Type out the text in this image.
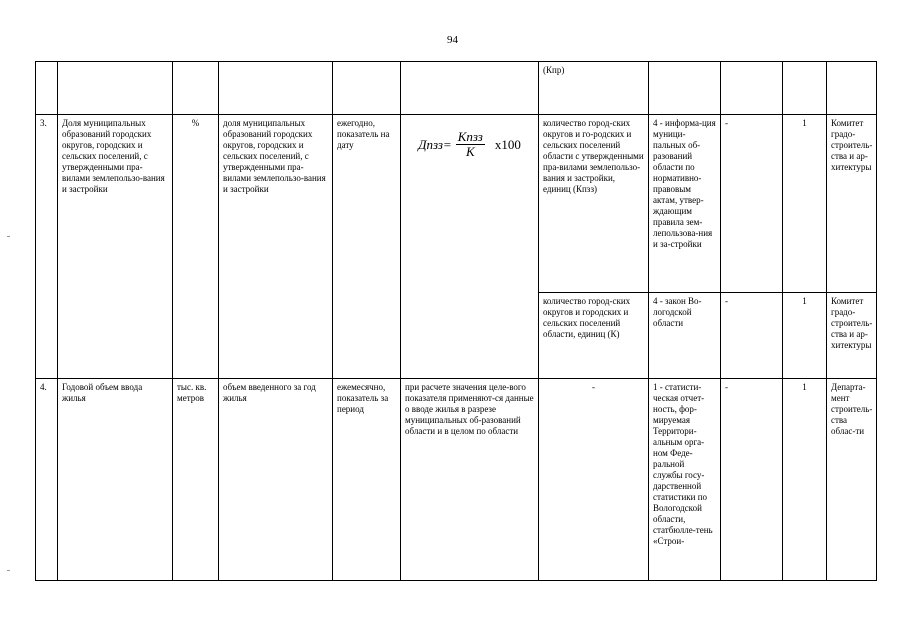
94
						(Кпр)				
3.	Доля муниципальных образований городских округов, городских и сельских поселений, с утвержденными пра-вилами землепользо-вания и застройки	%	доля муниципальных образований городских округов, городских и сельских поселений, с утвержденными пра-вилами землепользо-вания и застройки	ежегодно, показатель на дату	Дпзз= $\frac{\text{Кпзз}}{К} х100$	количество город-ских округов и го-родских и сельских поселений области с утвержденными пра-вилами землепользо-вания и застройки, единиц (Кпзз)	4 - информа-ция муници-пальных об-разований области по нормативно-правовым актам, утвер-ждающим правила зем-лепользова-ния и за-стройки	-	1	Комитет градо-строитель-ства и ар-хитектуры
						количество город-ских округов и городских и сельских поселений области, единиц (К)	4 - закон Во-логодской области	-	1	Комитет градо-строитель-ства и ар-хитектуры
4.	Годовой объем ввода жилья	тыс. кв. метров	объем введенного за год жилья	ежемесячно, показатель за период	при расчете значения целе-вого показателя применяют-ся данные о вводе жилья в разрезе муниципальных об-разований области и в целом по области	-	1 - статисти-ческая отчет-ность, фор-мируемая Территори-альным орга-ном Феде-ральной службы госу-дарственной статистики по Вологодской области, статбюлле-тень «Строи-	-	1	Департа-мент строитель-ства облас-ти
